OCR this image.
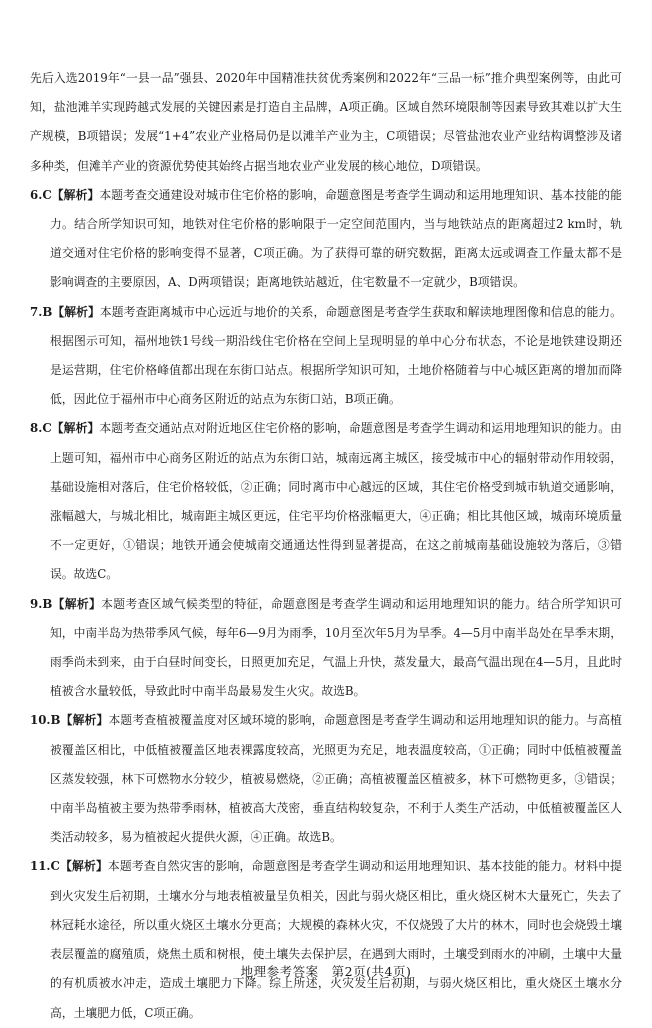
先后入选2019年“一县一品”强县、2020年中国精准扶贫优秀案例和2022年“三品一标”推介典型案例等，由此可知，盐池滩羊实现跨越式发展的关键因素是打造自主品牌，A项正确。区域自然环境限制等因素导致其难以扩大生产规模，B项错误；发展“1+4”农业产业格局仍是以滩羊产业为主，C项错误；尽管盐池农业产业结构调整涉及诸多种类，但滩羊产业的资源优势使其始终占据当地农业产业发展的核心地位，D项错误。

6.C【解析】本题考查交通建设对城市住宅价格的影响，命题意图是考查学生调动和运用地理知识、基本技能的能力。结合所学知识可知，地铁对住宅价格的影响限于一定空间范围内，当与地铁站点的距离超过2 km时，轨道交通对住宅价格的影响变得不显著，C项正确。为了获得可靠的研究数据，距离太远或调查工作量太都不是影响调查的主要原因，A、D两项错误；距离地铁站越近，住宅数量不一定就少，B项错误。

7.B【解析】本题考查距离城市中心远近与地价的关系，命题意图是考查学生获取和解读地理图像和信息的能力。根据图示可知，福州地铁1号线一期沿线住宅价格在空间上呈现明显的单中心分布状态，不论是地铁建设期还是运营期，住宅价格峰值都出现在东街口站点。根据所学知识可知，土地价格随着与中心城区距离的增加而降低，因此位于福州市中心商务区附近的站点为东街口站，B项正确。

8.C【解析】本题考查交通站点对附近地区住宅价格的影响，命题意图是考查学生调动和运用地理知识的能力。由上题可知，福州市中心商务区附近的站点为东街口站，城南远离主城区，接受城市中心的辐射带动作用较弱，基础设施相对落后，住宅价格较低，②正确；同时离市中心越远的区域，其住宅价格受到城市轨道交通影响，涨幅越大，与城北相比，城南距主城区更远，住宅平均价格涨幅更大，④正确；相比其他区域，城南环境质量不一定更好，①错误；地铁开通会使城南交通通达性得到显著提高，在这之前城南基础设施较为落后，③错误。故选C。

9.B【解析】本题考查区域气候类型的特征，命题意图是考查学生调动和运用地理知识的能力。结合所学知识可知，中南半岛为热带季风气候，每年6—9月为雨季，10月至次年5月为旱季。4—5月中南半岛处在旱季末期，雨季尚未到来，由于白昼时间变长，日照更加充足，气温上升快，蒸发量大，最高气温出现在4—5月，且此时植被含水量较低，导致此时中南半岛最易发生火灾。故选B。

10.B【解析】本题考查植被覆盖度对区域环境的影响，命题意图是考查学生调动和运用地理知识的能力。与高植被覆盖区相比，中低植被覆盖区地表裸露度较高，光照更为充足，地表温度较高，①正确；同时中低植被覆盖区蒸发较强，林下可燃物水分较少，植被易燃烧，②正确；高植被覆盖区植被多，林下可燃物更多，③错误；中南半岛植被主要为热带季雨林，植被高大茂密，垂直结构较复杂，不利于人类生产活动，中低植被覆盖区人类活动较多，易为植被起火提供火源，④正确。故选B。

11.C【解析】本题考查自然灾害的影响，命题意图是考查学生调动和运用地理知识、基本技能的能力。材料中提到火灾发生后初期，土壤水分与地表植被量呈负相关，因此与弱火烧区相比，重火烧区树木大量死亡，失去了林冠耗水途径，所以重火烧区土壤水分更高；大规模的森林火灾，不仅烧毁了大片的林木，同时也会烧毁土壤表层覆盖的腐殖质，烧焦土质和树根，使土壤失去保护层，在遇到大雨时，土壤受到雨水的冲刷，土壤中大量的有机质被水冲走，造成土壤肥力下降。综上所述，火灾发生后初期，与弱火烧区相比，重火烧区土壤水分高，土壤肥力低，C项正确。

地理参考答案　第2页(共4页)
